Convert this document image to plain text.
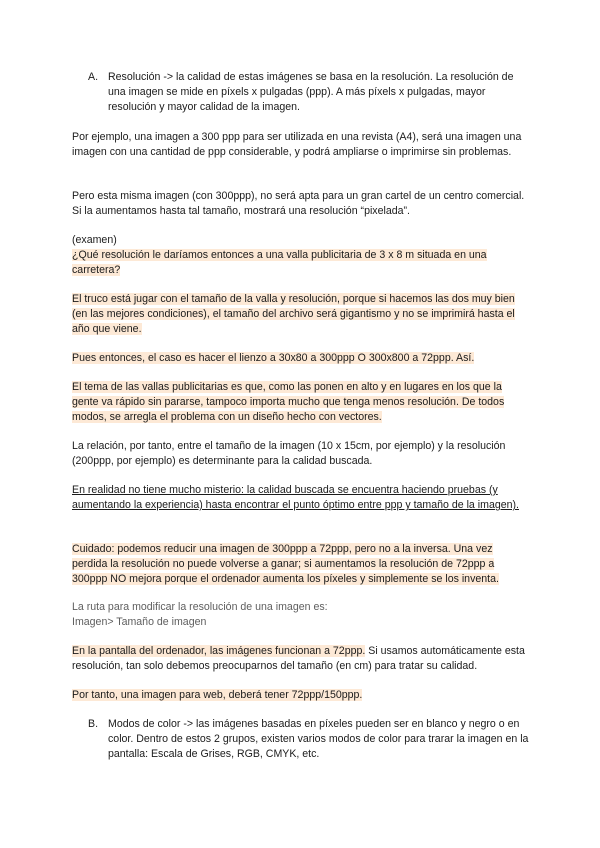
A. Resolución -> la calidad de estas imágenes se basa en la resolución. La resolución de una imagen se mide en píxels x pulgadas (ppp). A más píxels x pulgadas, mayor resolución y mayor calidad de la imagen.

Por ejemplo, una imagen a 300 ppp para ser utilizada en una revista (A4), será una imagen una imagen con una cantidad de ppp considerable, y podrá ampliarse o imprimirse sin problemas.

Pero esta misma imagen (con 300ppp), no será apta para un gran cartel de un centro comercial. Si la aumentamos hasta tal tamaño, mostrará una resolución “pixelada”.

(examen)
¿Qué resolución le daríamos entonces a una valla publicitaria de 3 x 8 m situada en una carretera?

El truco está jugar con el tamaño de la valla y resolución, porque si hacemos las dos muy bien (en las mejores condiciones), el tamaño del archivo será gigantismo y no se imprimirá hasta el año que viene.

Pues entonces, el caso es hacer el lienzo a 30x80 a 300ppp O 300x800 a 72ppp. Así.

El tema de las vallas publicitarias es que, como las ponen en alto y en lugares en los que la gente va rápido sin pararse, tampoco importa mucho que tenga menos resolución. De todos modos, se arregla el problema con un diseño hecho con vectores.

La relación, por tanto, entre el tamaño de la imagen (10 x 15cm, por ejemplo) y la resolución (200ppp, por ejemplo) es determinante para la calidad buscada.

En realidad no tiene mucho misterio: la calidad buscada se encuentra haciendo pruebas (y aumentando la experiencia) hasta encontrar el punto óptimo entre ppp y tamaño de la imagen).

Cuidado: podemos reducir una imagen de 300ppp a 72ppp, pero no a la inversa. Una vez perdida la resolución no puede volverse a ganar; si aumentamos la resolución de 72ppp a 300ppp NO mejora porque el ordenador aumenta los píxeles y simplemente se los inventa.

La ruta para modificar la resolución de una imagen es:
Imagen> Tamaño de imagen

En la pantalla del ordenador, las imágenes funcionan a 72ppp. Si usamos automáticamente esta resolución, tan solo debemos preocuparnos del tamaño (en cm) para tratar su calidad.

Por tanto, una imagen para web, deberá tener 72ppp/150ppp.

B. Modos de color -> las imágenes basadas en píxeles pueden ser en blanco y negro o en color. Dentro de estos 2 grupos, existen varios modos de color para trarar la imagen en la pantalla: Escala de Grises, RGB, CMYK, etc.
